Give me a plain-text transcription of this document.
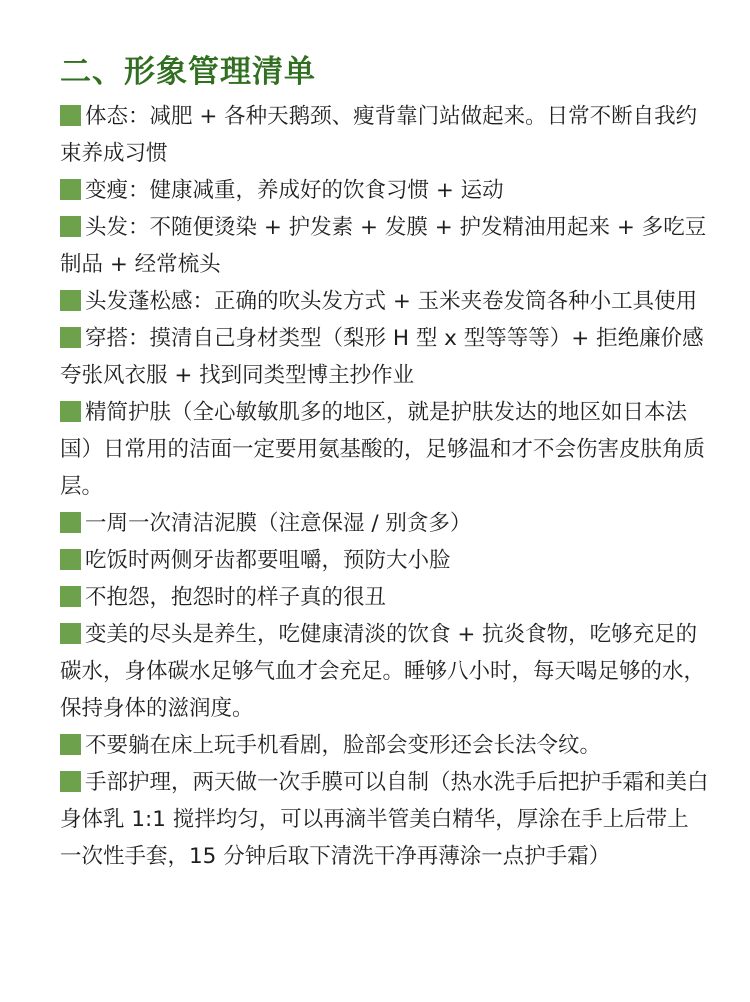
二、形象管理清单

体态：减肥 + 各种天鹅颈、瘦背靠门站做起来。日常不断自我约束养成习惯

变瘦：健康减重，养成好的饮食习惯 + 运动

头发：不随便烫染 + 护发素 + 发膜 + 护发精油用起来 + 多吃豆制品 + 经常梳头

头发蓬松感：正确的吹头发方式 + 玉米夹卷发筒各种小工具使用

穿搭：摸清自己身材类型（梨形 H 型 x 型等等等）+ 拒绝廉价感夸张风衣服 + 找到同类型博主抄作业

精简护肤（全心敏敏肌多的地区，就是护肤发达的地区如日本法国）日常用的洁面一定要用氨基酸的，足够温和才不会伤害皮肤角质层。

一周一次清洁泥膜（注意保湿 / 别贪多）

吃饭时两侧牙齿都要咀嚼，预防大小脸

不抱怨，抱怨时的样子真的很丑

变美的尽头是养生，吃健康清淡的饮食 + 抗炎食物，吃够充足的碳水，身体碳水足够气血才会充足。睡够八小时，每天喝足够的水，保持身体的滋润度。

不要躺在床上玩手机看剧，脸部会变形还会长法令纹。

手部护理，两天做一次手膜可以自制（热水洗手后把护手霜和美白身体乳 1:1 搅拌均匀，可以再滴半管美白精华，厚涂在手上后带上一次性手套，15 分钟后取下清洗干净再薄涂一点护手霜）
